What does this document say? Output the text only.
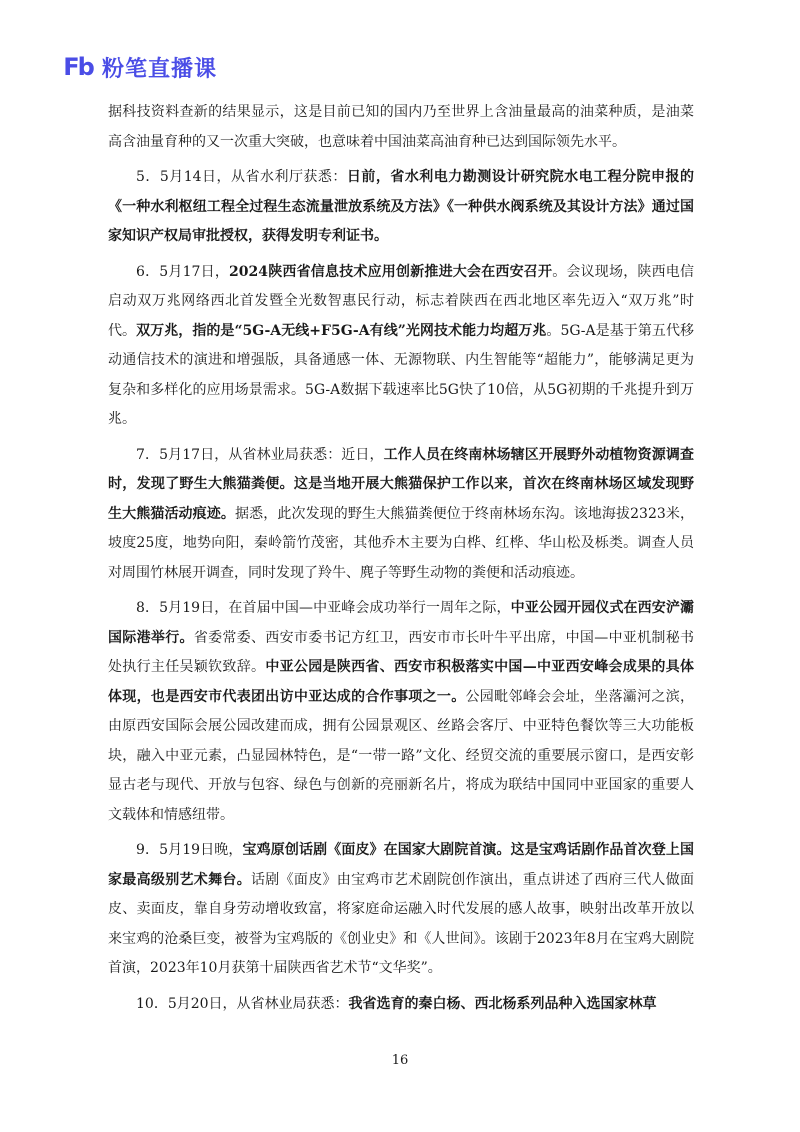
Fb 粉笔直播课

据科技资料查新的结果显示，这是目前已知的国内乃至世界上含油量最高的油菜种质，是油菜高含油量育种的又一次重大突破，也意味着中国油菜高油育种已达到国际领先水平。

5．5月14日，从省水利厅获悉：日前，省水利电力勘测设计研究院水电工程分院申报的《一种水利枢纽工程全过程生态流量泄放系统及方法》《一种供水阀系统及其设计方法》通过国家知识产权局审批授权，获得发明专利证书。

6．5月17日，2024陕西省信息技术应用创新推进大会在西安召开。会议现场，陕西电信启动双万兆网络西北首发暨全光数智惠民行动，标志着陕西在西北地区率先迈入“双万兆”时代。双万兆，指的是“5G-A无线+F5G-A有线”光网技术能力均超万兆。5G-A是基于第五代移动通信技术的演进和增强版，具备通感一体、无源物联、内生智能等“超能力”，能够满足更为复杂和多样化的应用场景需求。5G-A数据下载速率比5G快了10倍，从5G初期的千兆提升到万兆。

7．5月17日，从省林业局获悉：近日，工作人员在终南林场辖区开展野外动植物资源调查时，发现了野生大熊猫粪便。这是当地开展大熊猫保护工作以来，首次在终南林场区域发现野生大熊猫活动痕迹。据悉，此次发现的野生大熊猫粪便位于终南林场东沟。该地海拔2323米，坡度25度，地势向阳，秦岭箭竹茂密，其他乔木主要为白桦、红桦、华山松及栎类。调查人员对周围竹林展开调查，同时发现了羚牛、麂子等野生动物的粪便和活动痕迹。

8．5月19日，在首届中国—中亚峰会成功举行一周年之际，中亚公园开园仪式在西安浐灞国际港举行。省委常委、西安市委书记方红卫，西安市市长叶牛平出席，中国—中亚机制秘书处执行主任吴颖钦致辞。中亚公园是陕西省、西安市积极落实中国—中亚西安峰会成果的具体体现，也是西安市代表团出访中亚达成的合作事项之一。公园毗邻峰会会址，坐落灞河之滨，由原西安国际会展公园改建而成，拥有公园景观区、丝路会客厅、中亚特色餐饮等三大功能板块，融入中亚元素，凸显园林特色，是“一带一路”文化、经贸交流的重要展示窗口，是西安彰显古老与现代、开放与包容、绿色与创新的亮丽新名片，将成为联结中国同中亚国家的重要人文载体和情感纽带。

9．5月19日晚，宝鸡原创话剧《面皮》在国家大剧院首演。这是宝鸡话剧作品首次登上国家最高级别艺术舞台。话剧《面皮》由宝鸡市艺术剧院创作演出，重点讲述了西府三代人做面皮、卖面皮，靠自身劳动增收致富，将家庭命运融入时代发展的感人故事，映射出改革开放以来宝鸡的沧桑巨变，被誉为宝鸡版的《创业史》和《人世间》。该剧于2023年8月在宝鸡大剧院首演，2023年10月获第十届陕西省艺术节“文华奖”。

10．5月20日，从省林业局获悉：我省选育的秦白杨、西北杨系列品种入选国家林草

16
